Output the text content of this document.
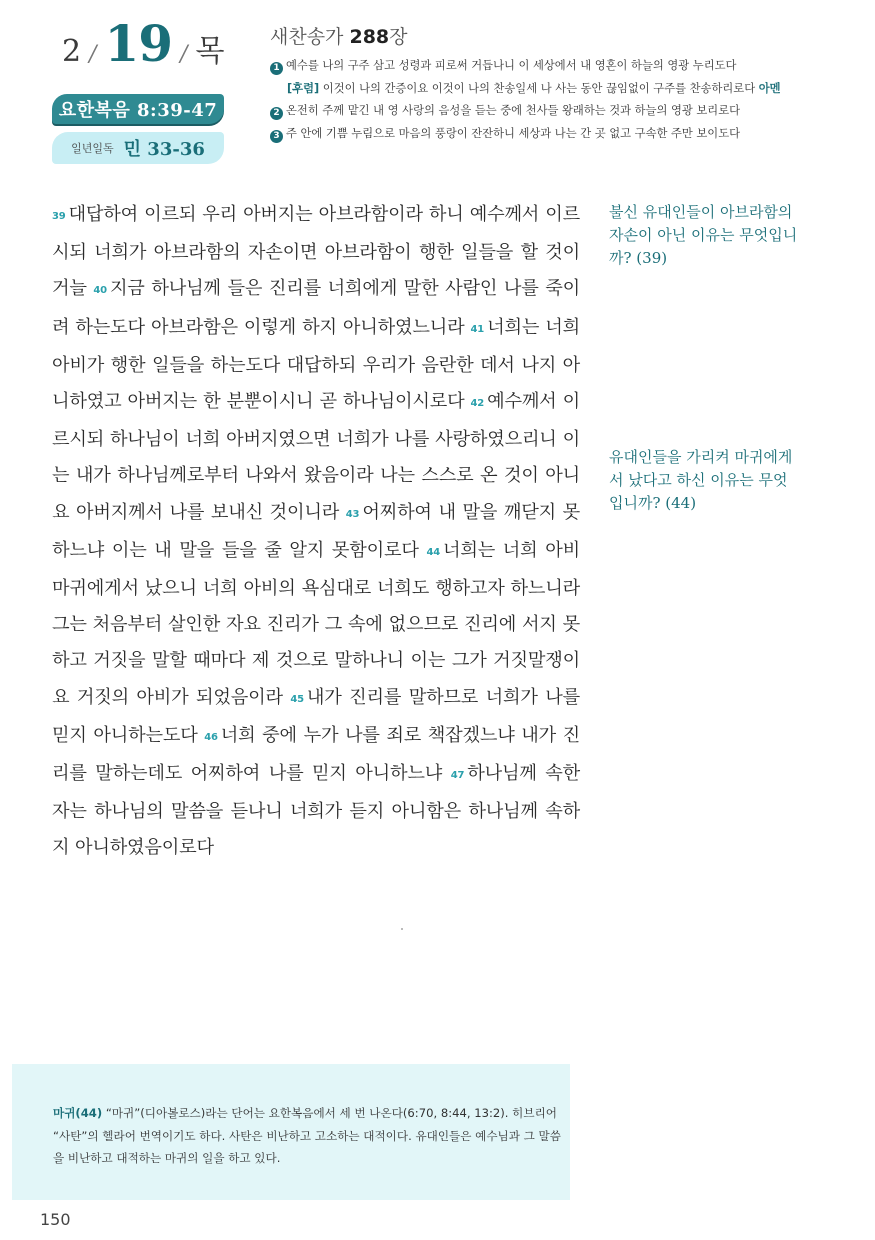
2 / 19 / 목
요한복음 8:39-47
일년일독 민 33-36
새찬송가 288장
1 예수를 나의 구주 삼고 성령과 피로써 거듭나니 이 세상에서 내 영혼이 하늘의 영광 누리도다
[후렴] 이것이 나의 간증이요 이것이 나의 찬송일세 나 사는 동안 끊임없이 구주를 찬송하리로다 아멘
2 온전히 주께 맡긴 내 영 사랑의 음성을 듣는 중에 천사들 왕래하는 것과 하늘의 영광 보리로다
3 주 안에 기쁨 누림으로 마음의 풍랑이 잔잔하니 세상과 나는 간 곳 없고 구속한 주만 보이도다
39 대답하여 이르되 우리 아버지는 아브라함이라 하니 예수께서 이르시되 너희가 아브라함의 자손이면 아브라함이 행한 일들을 할 것이거늘 40 지금 하나님께 들은 진리를 너희에게 말한 사람인 나를 죽이려 하는도다 아브라함은 이렇게 하지 아니하였느니라 41 너희는 너희 아비가 행한 일들을 하는도다 대답하되 우리가 음란한 데서 나지 아니하였고 아버지는 한 분뿐이시니 곧 하나님이시로다 42 예수께서 이르시되 하나님이 너희 아버지였으면 너희가 나를 사랑하였으리니 이는 내가 하나님께로부터 나와서 왔음이라 나는 스스로 온 것이 아니요 아버지께서 나를 보내신 것이니라 43 어찌하여 내 말을 깨닫지 못하느냐 이는 내 말을 들을 줄 알지 못함이로다 44 너희는 너희 아비 마귀에게서 났으니 너희 아비의 욕심대로 너희도 행하고자 하느니라 그는 처음부터 살인한 자요 진리가 그 속에 없으므로 진리에 서지 못하고 거짓을 말할 때마다 제 것으로 말하나니 이는 그가 거짓말쟁이요 거짓의 아비가 되었음이라 45 내가 진리를 말하므로 너희가 나를 믿지 아니하는도다 46 너희 중에 누가 나를 죄로 책잡겠느냐 내가 진리를 말하는데도 어찌하여 나를 믿지 아니하느냐 47 하나님께 속한 자는 하나님의 말씀을 듣나니 너희가 듣지 아니함은 하나님께 속하지 아니하였음이로다
불신 유대인들이 아브라함의 자손이 아닌 이유는 무엇입니까? (39)
유대인들을 가리켜 마귀에게서 났다고 하신 이유는 무엇입니까? (44)
마귀(44) “마귀”(디아볼로스)라는 단어는 요한복음에서 세 번 나온다(6:70, 8:44, 13:2). 히브리어 “사탄”의 헬라어 번역이기도 하다. 사탄은 비난하고 고소하는 대적이다. 유대인들은 예수님과 그 말씀을 비난하고 대적하는 마귀의 일을 하고 있다.
150
